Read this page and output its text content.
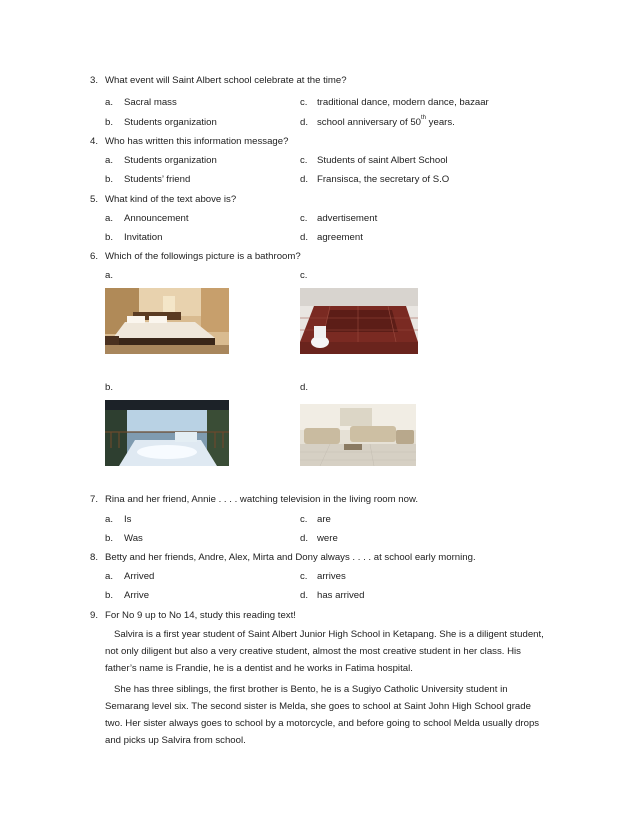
3. What event will Saint Albert school celebrate at the time?
a. Sacral mass	c. traditional dance, modern dance, bazaar
b. Students organization	d. school anniversary of 50th years.
4. Who has written this information message?
a. Students organization	c. Students of saint Albert School
b. Students’ friend	d. Fransisca, the secretary of S.O
5. What kind of the text above is?
a. Announcement	c. advertisement
b. Invitation	d. agreement
6. Which of the followings picture is a bathroom?
a.	c.
b.	d.
7. Rina and her friend, Annie . . . . watching television in the living room now.
a. Is	c. are
b. Was	d. were
8. Betty and her friends, Andre, Alex, Mirta and Dony always . . . . at school early morning.
a. Arrived	c. arrives
b. Arrive	d. has arrived
9. For No 9 up to No 14, study this reading text!

Salvira is a first year student of Saint Albert Junior High School in Ketapang. She is a diligent student, not only diligent but also a very creative student, almost the most creative student in her class. His father’s name is Frandie, he is a dentist and he works in Fatima hospital.

She has three siblings, the first brother is Bento, he is a Sugiyo Catholic University student in Semarang level six. The second sister is Melda, she goes to school at Saint John High School grade two. Her sister always goes to school by a motorcycle, and before going to school Melda usually drops and picks up Salvira from school.
